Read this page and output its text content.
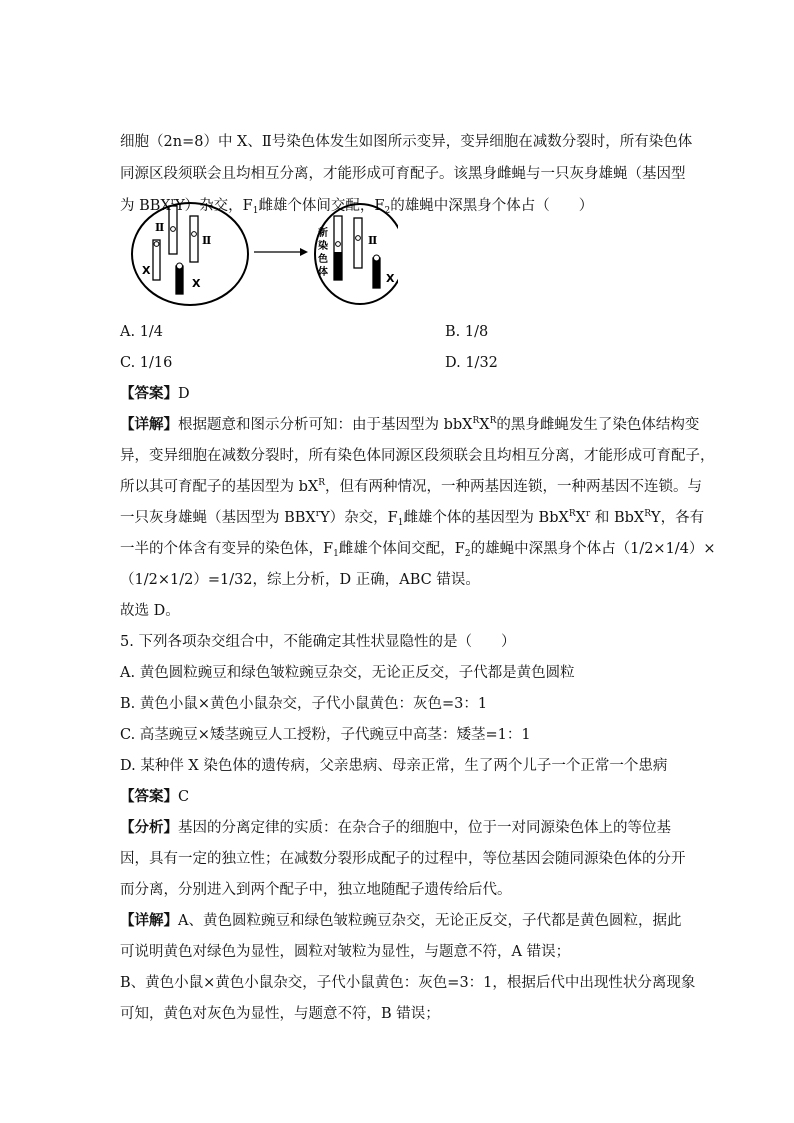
细胞（2n=8）中 X、Ⅱ号染色体发生如图所示变异，变异细胞在减数分裂时，所有染色体
同源区段须联会且均相互分离，才能形成可育配子。该黑身雌蝇与一只灰身雄蝇（基因型
为 BBX$^r$Y）杂交，$F_1$雌雄个体间交配，$F_2$的雄蝇中深黑身个体占（　　）
Ⅱ
Ⅱ
X
X
新
染
色
体
Ⅱ
X
A. 1/4	B. 1/8
C. 1/16	D. 1/32
【答案】D
【详解】根据题意和图示分析可知：由于基因型为 $bbX^RX^R$的黑身雌蝇发生了染色体结构变
异，变异细胞在减数分裂时，所有染色体同源区段须联会且均相互分离，才能形成可育配子，
所以其可育配子的基因型为 $bX^R$，但有两种情况，一种两基因连锁，一种两基因不连锁。与
一只灰身雄蝇（基因型为 BBX$^r$Y）杂交，$F_1$雌雄个体的基因型为 $BbX^RX^r$ 和 BbX$^R$Y，各有
一半的个体含有变异的染色体，$F_1$雌雄个体间交配，$F_2$的雄蝇中深黑身个体占（1/2×1/4）×
（1/2×1/2）=1/32，综上分析，D 正确，ABC 错误。
故选 D。
5. 下列各项杂交组合中，不能确定其性状显隐性的是（　　）
A. 黄色圆粒豌豆和绿色皱粒豌豆杂交，无论正反交，子代都是黄色圆粒
B. 黄色小鼠×黄色小鼠杂交，子代小鼠黄色：灰色=3：1
C. 高茎豌豆×矮茎豌豆人工授粉，子代豌豆中高茎：矮茎=1：1
D. 某种伴 X 染色体的遗传病，父亲患病、母亲正常，生了两个儿子一个正常一个患病
【答案】C
【分析】基因的分离定律的实质：在杂合子的细胞中，位于一对同源染色体上的等位基
因，具有一定的独立性；在减数分裂形成配子的过程中，等位基因会随同源染色体的分开
而分离，分别进入到两个配子中，独立地随配子遗传给后代。
【详解】A、黄色圆粒豌豆和绿色皱粒豌豆杂交，无论正反交，子代都是黄色圆粒，据此
可说明黄色对绿色为显性，圆粒对皱粒为显性，与题意不符，A 错误；
B、黄色小鼠×黄色小鼠杂交，子代小鼠黄色：灰色=3：1，根据后代中出现性状分离现象
可知，黄色对灰色为显性，与题意不符，B 错误；
